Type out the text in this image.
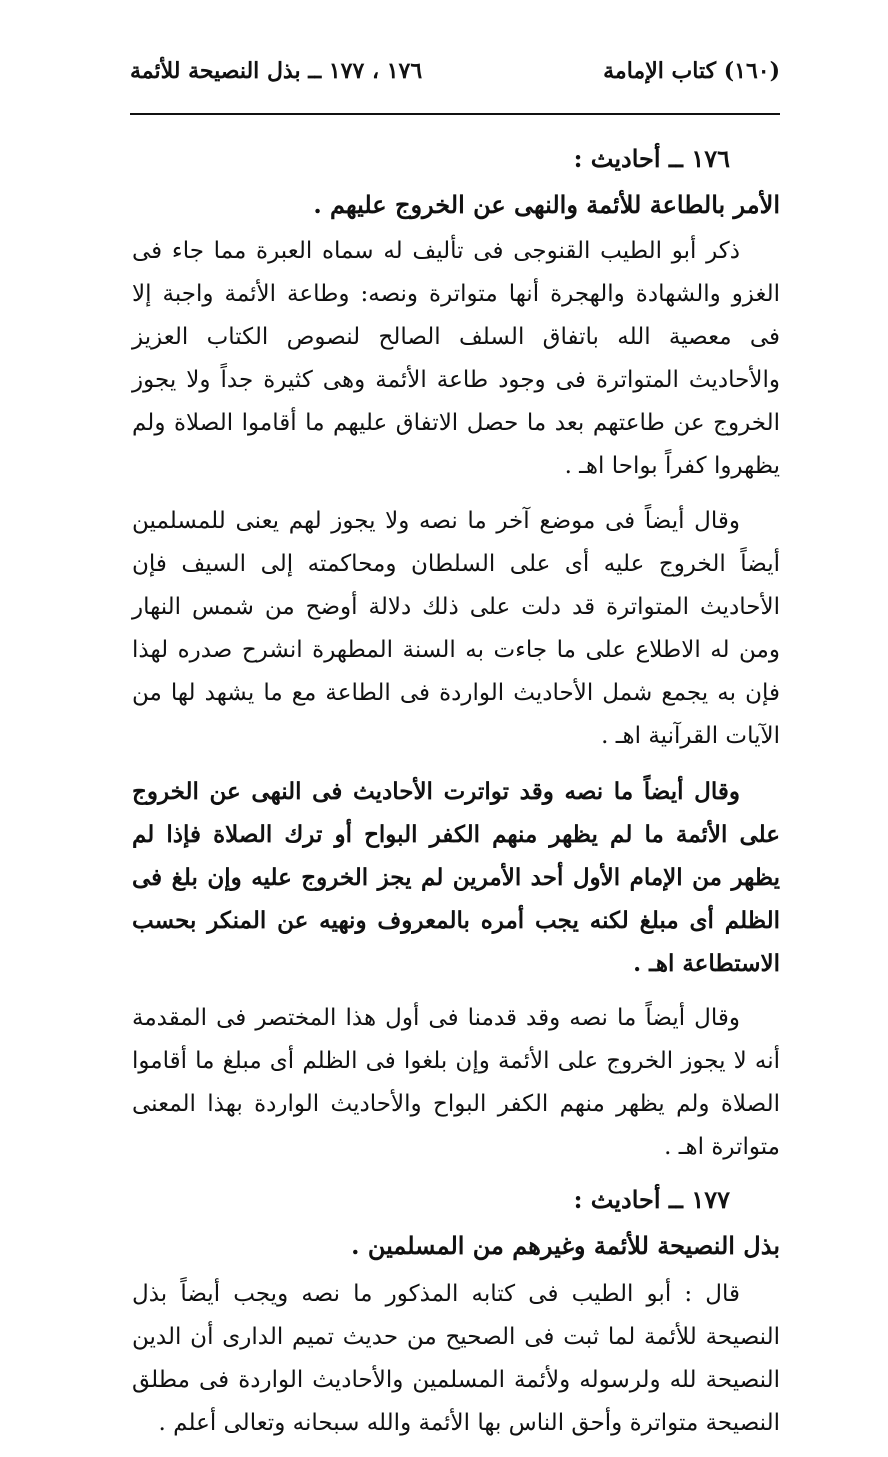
(١٦٠) كتاب الإمامة
١٧٦ ، ١٧٧ ــ بذل النصيحة للأئمة
١٧٦ ــ أحاديث :
الأمر بالطاعة للأئمة والنهى عن الخروج عليهم .

ذكر أبو الطيب القنوجى فى تأليف له سماه العبرة مما جاء فى الغزو والشهادة والهجرة أنها متواترة ونصه: وطاعة الأئمة واجبة إلا فى معصية الله باتفاق السلف الصالح لنصوص الكتاب العزيز والأحاديث المتواترة فى وجود طاعة الأئمة وهى كثيرة جداً ولا يجوز الخروج عن طاعتهم بعد ما حصل الاتفاق عليهم ما أقاموا الصلاة ولم يظهروا كفراً بواحا اهـ .

وقال أيضاً فى موضع آخر ما نصه ولا يجوز لهم يعنى للمسلمين أيضاً الخروج عليه أى على السلطان ومحاكمته إلى السيف فإن الأحاديث المتواترة قد دلت على ذلك دلالة أوضح من شمس النهار ومن له الاطلاع على ما جاءت به السنة المطهرة انشرح صدره لهذا فإن به يجمع شمل الأحاديث الواردة فى الطاعة مع ما يشهد لها من الآيات القرآنية اهـ .

وقال أيضاً ما نصه وقد تواترت الأحاديث فى النهى عن الخروج على الأئمة ما لم يظهر منهم الكفر البواح أو ترك الصلاة فإذا لم يظهر من الإمام الأول أحد الأمرين لم يجز الخروج عليه وإن بلغ فى الظلم أى مبلغ لكنه يجب أمره بالمعروف ونهيه عن المنكر بحسب الاستطاعة اهـ .

وقال أيضاً ما نصه وقد قدمنا فى أول هذا المختصر فى المقدمة أنه لا يجوز الخروج على الأئمة وإن بلغوا فى الظلم أى مبلغ ما أقاموا الصلاة ولم يظهر منهم الكفر البواح والأحاديث الواردة بهذا المعنى متواترة اهـ .

١٧٧ ــ أحاديث :
بذل النصيحة للأئمة وغيرهم من المسلمين .

قال : أبو الطيب فى كتابه المذكور ما نصه ويجب أيضاً بذل النصيحة للأئمة لما ثبت فى الصحيح من حديث تميم الدارى أن الدين النصيحة لله ولرسوله ولأئمة المسلمين والأحاديث الواردة فى مطلق النصيحة متواترة وأحق الناس بها الأئمة والله سبحانه وتعالى أعلم .
